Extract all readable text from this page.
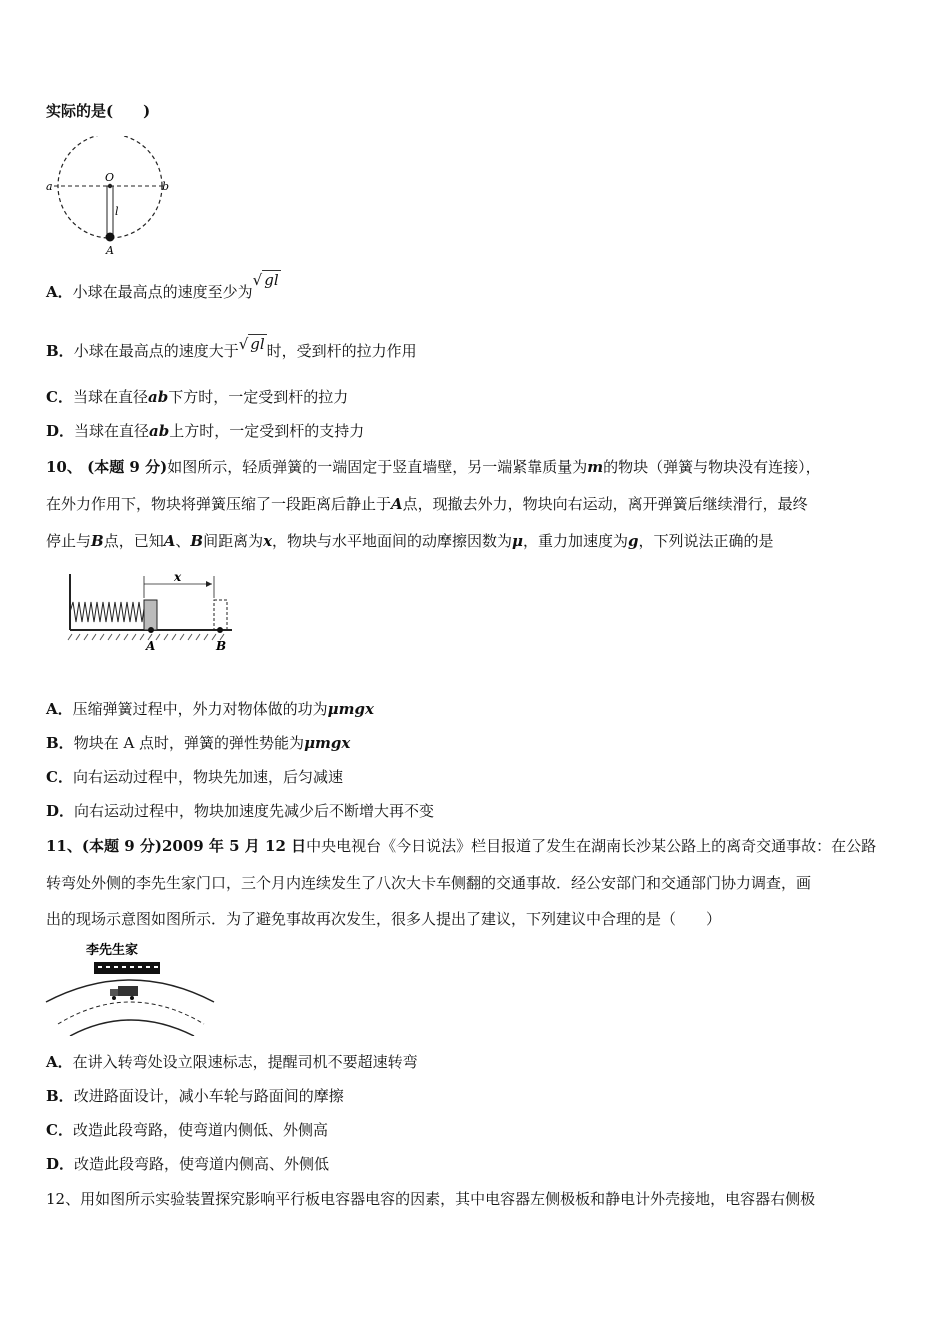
实际的是(　　)
a	b
O
l
A
A．小球在最高点的速度至少为√ gl
B．小球在最高点的速度大于√ gl 时，受到杆的拉力作用
C．当球在直径ab下方时，一定受到杆的拉力
D．当球在直径ab上方时，一定受到杆的支持力
10、 (本题 9 分)如图所示，轻质弹簧的一端固定于竖直墙壁，另一端紧靠质量为m的物块（弹簧与物块没有连接），
在外力作用下，物块将弹簧压缩了一段距离后静止于A点，现撤去外力，物块向右运动，离开弹簧后继续滑行，最终
停止与B点，已知A、B间距离为x，物块与水平地面间的动摩擦因数为μ，重力加速度为g，下列说法正确的是
x
A	B
A．压缩弹簧过程中，外力对物体做的功为μmgx
B．物块在 A 点时，弹簧的弹性势能为μmgx
C．向右运动过程中，物块先加速，后匀减速
D．向右运动过程中，物块加速度先减少后不断增大再不变
11、(本题 9 分)2009 年 5 月 12 日中央电视台《今日说法》栏目报道了发生在湖南长沙某公路上的离奇交通事故：在公路
转弯处外侧的李先生家门口，三个月内连续发生了八次大卡车侧翻的交通事故．经公安部门和交通部门协力调查，画
出的现场示意图如图所示．为了避免事故再次发生，很多人提出了建议，下列建议中合理的是（　　）
李先生家
A．在讲入转弯处设立限速标志，提醒司机不要超速转弯
B．改进路面设计，减小车轮与路面间的摩擦
C．改造此段弯路，使弯道内侧低、外侧高
D．改造此段弯路，使弯道内侧高、外侧低
12、用如图所示实验装置探究影响平行板电容器电容的因素，其中电容器左侧极板和静电计外壳接地，电容器右侧极
